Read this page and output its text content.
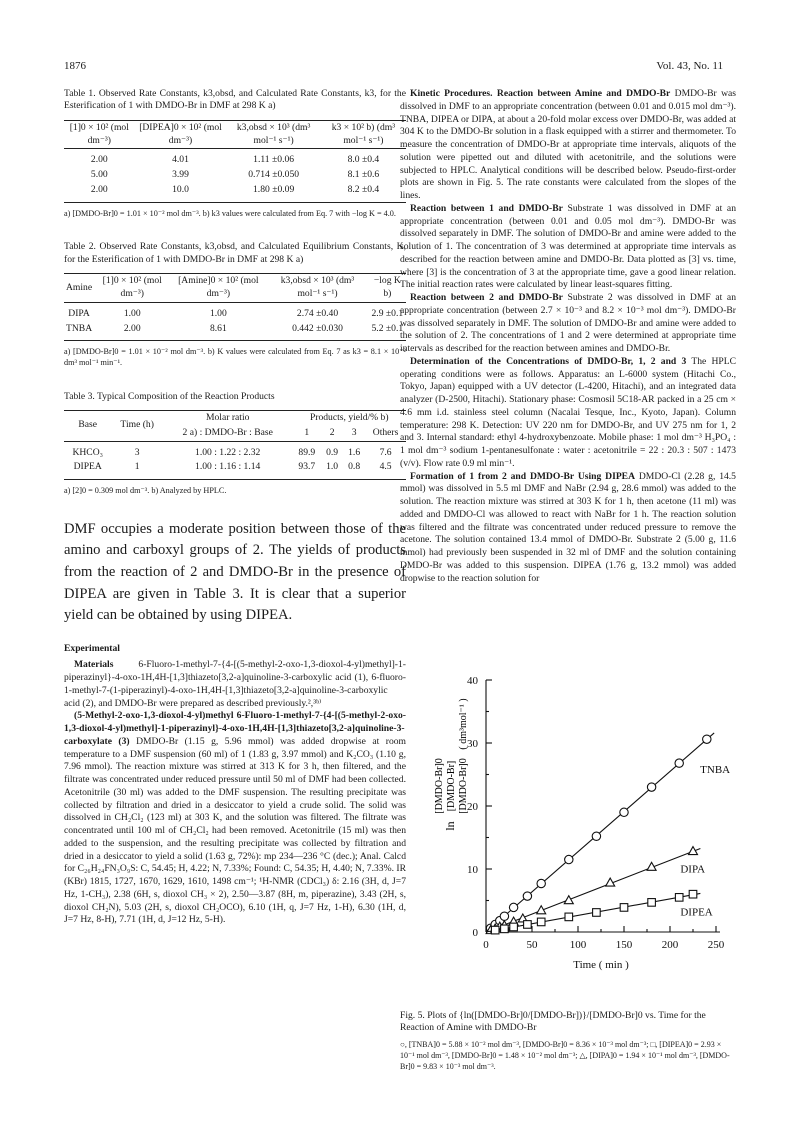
1876	Vol. 43, No. 11
Table 1. Observed Rate Constants, k3,obsd, and Calculated Rate Constants, k3, for the Esterification of 1 with DMDO-Br in DMF at 298 K a)
[1]0 × 10² (mol dm⁻³)	[DIPEA]0 × 10² (mol dm⁻³)	k3,obsd × 10³ (dm³ mol⁻¹ s⁻¹)	k3 × 10² b) (dm³ mol⁻¹ s⁻¹)
2.00	4.01	1.11 ±0.06	8.0 ±0.4
5.00	3.99	0.714 ±0.050	8.1 ±0.6
2.00	10.0	1.80 ±0.09	8.2 ±0.4
a) [DMDO-Br]0 = 1.01 × 10⁻² mol dm⁻³. b) k3 values were calculated from Eq. 7 with −log K = 4.0.
Table 2. Observed Rate Constants, k3,obsd, and Calculated Equilibrium Constants, K, for the Esterification of 1 with DMDO-Br in DMF at 298 K a)
Amine	[1]0 × 10² (mol dm⁻³)	[Amine]0 × 10² (mol dm⁻³)	k3,obsd × 10³ (dm³ mol⁻¹ s⁻¹)	−log K b)
DIPA	1.00	1.00	2.74 ±0.40	2.9 ±0.1
TNBA	2.00	8.61	0.442 ±0.030	5.2 ±0.1
a) [DMDO-Br]0 = 1.01 × 10⁻² mol dm⁻³. b) K values were calculated from Eq. 7 as k3 = 8.1 × 10⁻² dm³ mol⁻¹ min⁻¹.
Table 3. Typical Composition of the Reaction Products
Base	Time (h)	Molar ratio	Products, yield/% b)			
		2 a) : DMDO-Br : Base	1	2	3	Others
KHCO₃	3	1.00 : 1.22 : 2.32	89.9	0.9	1.6	7.6
DIPEA	1	1.00 : 1.16 : 1.14	93.7	1.0	0.8	4.5
a) [2]0 = 0.309 mol dm⁻³. b) Analyzed by HPLC.
DMF occupies a moderate position between those of the amino and carboxyl groups of 2. The yields of products from the reaction of 2 and DMDO-Br in the presence of DIPEA are given in Table 3. It is clear that a superior yield can be obtained by using DIPEA.
Experimental
Materials	6-Fluoro-1-methyl-7-{4-[(5-methyl-2-oxo-1,3-dioxol-4-yl)methyl]-1-piperazinyl}-4-oxo-1H,4H-[1,3]thiazeto[3,2-a]quinoline-3-carboxylic acid (1), 6-fluoro-1-methyl-7-(1-piperazinyl)-4-oxo-1H,4H-[1,3]thiazeto[3,2-a]quinoline-3-carboxylic acid (2), and DMDO-Br were prepared as described previously.²,³ᵇ⁾
(5-Methyl-2-oxo-1,3-dioxol-4-yl)methyl 6-Fluoro-1-methyl-7-{4-[(5-methyl-2-oxo-1,3-dioxol-4-yl)methyl]-1-piperazinyl}-4-oxo-1H,4H-[1,3]thiazeto[3,2-a]quinoline-3-carboxylate (3) DMDO-Br (1.15 g, 5.96 mmol) was added dropwise at room temperature to a DMF suspension (60 ml) of 1 (1.83 g, 3.97 mmol) and K₂CO₃ (1.10 g, 7.96 mmol). The reaction mixture was stirred at 313 K for 3 h, then filtered, and the filtrate was concentrated under reduced pressure until 50 ml of DMF had been collected. Acetonitrile (30 ml) was added to the DMF suspension. The resulting precipitate was collected by filtration and dried in a desiccator to yield a crude solid. The solid was dissolved in CH₂Cl₂ (123 ml) at 303 K, and the solution was filtered. The filtrate was concentrated until 100 ml of CH₂Cl₂ had been removed. Acetonitrile (15 ml) was then added to the suspension, and the resulting precipitate was collected by filtration and dried in a desiccator to yield a solid (1.63 g, 72%): mp 234—236 °C (dec.); Anal. Calcd for C₂₆H₂₄FN₃O₉S: C, 54.45; H, 4.22; N, 7.33%; Found: C, 54.35; H, 4.40; N, 7.33%. IR (KBr) 1815, 1727, 1670, 1629, 1610, 1498 cm⁻¹; ¹H-NMR (CDCl₃) δ: 2.16 (3H, d, J=7 Hz, 1-CH₃), 2.38 (6H, s, dioxol CH₃ × 2), 2.50—3.87 (8H, m, piperazine), 3.43 (2H, s, dioxol CH₂N), 5.03 (2H, s, dioxol CH₂OCO), 6.10 (1H, q, J=7 Hz, 1-H), 6.30 (1H, d, J=7 Hz, 8-H), 7.71 (1H, d, J=12 Hz, 5-H).
Kinetic Procedures. Reaction between Amine and DMDO-Br DMDO-Br was dissolved in DMF to an appropriate concentration (between 0.01 and 0.015 mol dm⁻³). TNBA, DIPEA or DIPA, at about a 20-fold molar excess over DMDO-Br, was added at 304 K to the DMDO-Br solution in a flask equipped with a stirrer and thermometer. To measure the concentration of DMDO-Br at appropriate time intervals, aliquots of the solution were pipetted out and diluted with acetonitrile, and the solutions were subjected to HPLC. Analytical conditions will be described below. Pseudo-first-order plots are shown in Fig. 5. The rate constants were calculated from the slopes of the lines.
Reaction between 1 and DMDO-Br Substrate 1 was dissolved in DMF at an appropriate concentration (between 0.01 and 0.05 mol dm⁻³). DMDO-Br was dissolved separately in DMF. The solution of DMDO-Br and amine were added to the solution of 1. The concentration of 3 was determined at appropriate time intervals as described for the reaction between amine and DMDO-Br. Data plotted as [3] vs. time, where [3] is the concentration of 3 at the appropriate time, gave a good linear relation. The initial reaction rates were calculated by linear least-squares fitting.
Reaction between 2 and DMDO-Br Substrate 2 was dissolved in DMF at an appropriate concentration (between 2.7 × 10⁻³ and 8.2 × 10⁻³ mol dm⁻³). DMDO-Br was dissolved separately in DMF. The solution of DMDO-Br and amine were added to the solution of 2. The concentrations of 1 and 2 were determined at appropriate time intervals as described for the reaction between amines and DMDO-Br.
Determination of the Concentrations of DMDO-Br, 1, 2 and 3 The HPLC operating conditions were as follows. Apparatus: an L-6000 system (Hitachi Co., Tokyo, Japan) equipped with a UV detector (L-4200, Hitachi), and an integrated data analyzer (D-2500, Hitachi). Stationary phase: Cosmosil 5C18-AR packed in a 25 cm × 4.6 mm i.d. stainless steel column (Nacalai Tesque, Inc., Kyoto, Japan). Column temperature: 298 K. Detection: UV 220 nm for DMDO-Br, and UV 275 nm for 1, 2 and 3. Internal standard: ethyl 4-hydroxybenzoate. Mobile phase: 1 mol dm⁻³ H₃PO₄ : 1 mol dm⁻³ sodium 1-pentanesulfonate : water : acetonitrile = 22 : 20.3 : 507 : 1473 (v/v). Flow rate 0.9 ml min⁻¹.
Formation of 1 from 2 and DMDO-Br Using DIPEA DMDO-Cl (2.28 g, 14.5 mmol) was dissolved in 5.5 ml DMF and NaBr (2.94 g, 28.6 mmol) was added to the solution. The reaction mixture was stirred at 303 K for 1 h, then acetone (11 ml) was added and DMDO-Cl was allowed to react with NaBr for 1 h. The reaction solution was filtered and the filtrate was concentrated under reduced pressure to remove the acetone. The solution contained 13.4 mmol of DMDO-Br. Substrate 2 (5.00 g, 11.6 mmol) had previously been suspended in 32 ml of DMF and the solution containing DMDO-Br was added to this suspension. DIPEA (1.76 g, 13.2 mmol) was added dropwise to the reaction solution for
0
10
20
30
40
0	50	100	150	200	250
Time ( min )
TNBA
DIPA
DIPEA
ln
[DMDO-Br]0 [DMDO-Br] [DMDO-Br]0
( dm³mol⁻¹ )
Fig. 5. Plots of {ln([DMDO-Br]0/[DMDO-Br])}/[DMDO-Br]0 vs. Time for the Reaction of Amine with DMDO-Br
○, [TNBA]0 = 5.88 × 10⁻² mol dm⁻³, [DMDO-Br]0 = 8.36 × 10⁻³ mol dm⁻³; □, [DIPEA]0 = 2.93 × 10⁻¹ mol dm⁻³, [DMDO-Br]0 = 1.48 × 10⁻² mol dm⁻³; △, [DIPA]0 = 1.94 × 10⁻¹ mol dm⁻³, [DMDO-Br]0 = 9.83 × 10⁻³ mol dm⁻³.
